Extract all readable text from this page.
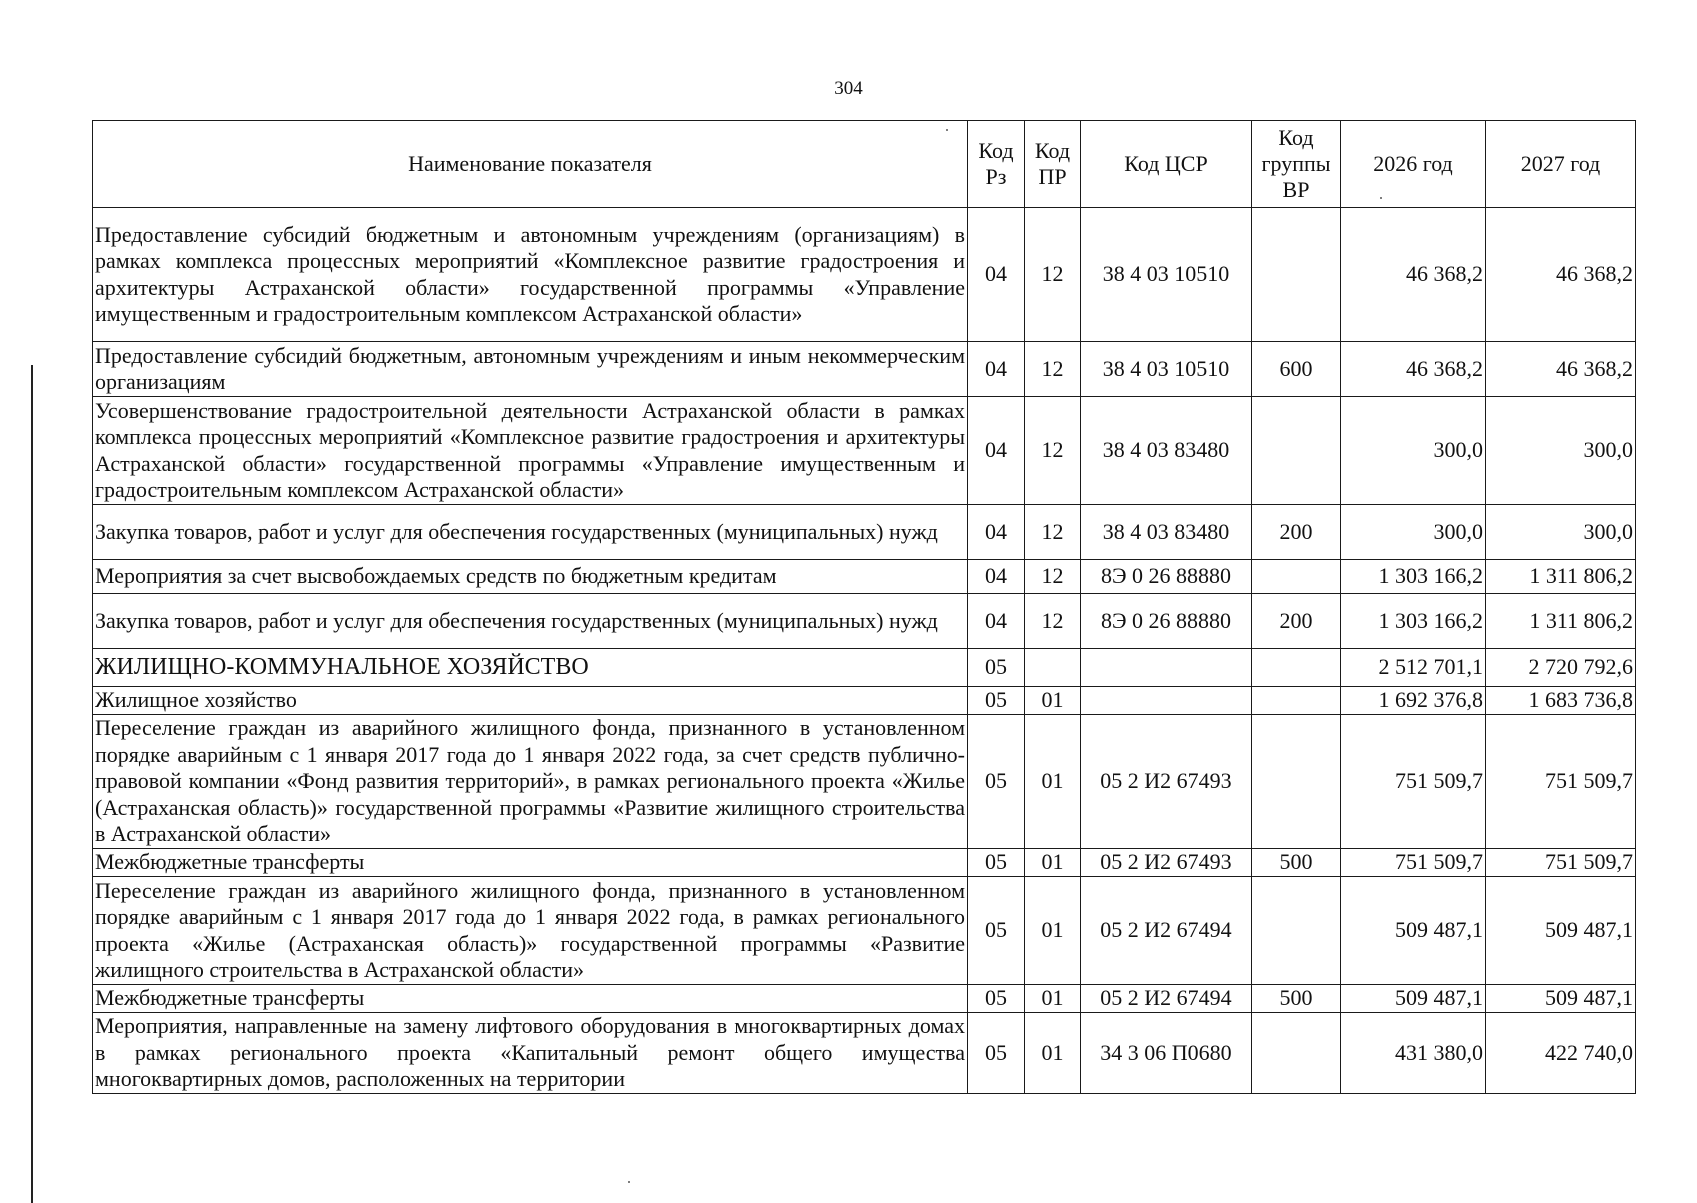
304
Наименование показателя	Код Рз	Код ПР	Код ЦСР	Код группы ВР	2026 год	2027 год
Предоставление субсидий бюджетным и автономным учреждениям (организациям) в рамках комплекса процессных мероприятий «Комплексное развитие градостроения и архитектуры Астраханской области» государственной программы «Управление имущественным и градостроительным комплексом Астраханской области»	04	12	38 4 03 10510		46 368,2	46 368,2
Предоставление субсидий бюджетным, автономным учреждениям и иным некоммерческим организациям	04	12	38 4 03 10510	600	46 368,2	46 368,2
Усовершенствование градостроительной деятельности Астраханской области в рамках комплекса процессных мероприятий «Комплексное развитие градостроения и архитектуры Астраханской области» государственной программы «Управление имущественным и градостроительным комплексом Астраханской области»	04	12	38 4 03 83480		300,0	300,0
Закупка товаров, работ и услуг для обеспечения государственных (муниципальных) нужд	04	12	38 4 03 83480	200	300,0	300,0
Мероприятия за счет высвобождаемых средств по бюджетным кредитам	04	12	8Э 0 26 88880		1 303 166,2	1 311 806,2
Закупка товаров, работ и услуг для обеспечения государственных (муниципальных) нужд	04	12	8Э 0 26 88880	200	1 303 166,2	1 311 806,2
ЖИЛИЩНО-КОММУНАЛЬНОЕ ХОЗЯЙСТВО	05				2 512 701,1	2 720 792,6
Жилищное хозяйство	05	01			1 692 376,8	1 683 736,8
Переселение граждан из аварийного жилищного фонда, признанного в установленном порядке аварийным с 1 января 2017 года до 1 января 2022 года, за счет средств публично-правовой компании «Фонд развития территорий», в рамках регионального проекта «Жилье (Астраханская область)» государственной программы «Развитие жилищного строительства в Астраханской области»	05	01	05 2 И2 67493		751 509,7	751 509,7
Межбюджетные трансферты	05	01	05 2 И2 67493	500	751 509,7	751 509,7
Переселение граждан из аварийного жилищного фонда, признанного в установленном порядке аварийным с 1 января 2017 года до 1 января 2022 года, в рамках регионального проекта «Жилье (Астраханская область)» государственной программы «Развитие жилищного строительства в Астраханской области»	05	01	05 2 И2 67494		509 487,1	509 487,1
Межбюджетные трансферты	05	01	05 2 И2 67494	500	509 487,1	509 487,1
Мероприятия, направленные на замену лифтового оборудования в многоквартирных домах в рамках регионального проекта «Капитальный ремонт общего имущества многоквартирных домов, расположенных на территории	05	01	34 3 06 П0680		431 380,0	422 740,0
